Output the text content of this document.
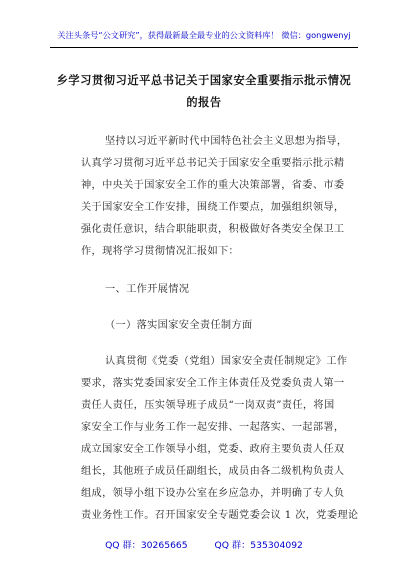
关注头条号“公文研究”，获得最新最全最专业的公文资料库！ 微信：gongwenyj
乡学习贯彻习近平总书记关于国家安全重要指示批示情况
的报告
坚持以习近平新时代中国特色社会主义思想为指导，
认真学习贯彻习近平总书记关于国家安全重要指示批示精
神，中央关于国家安全工作的重大决策部署，省委、市委
关于国家安全工作安排，围绕工作要点，加强组织领导，
强化责任意识，结合职能职责，积极做好各类安全保卫工
作，现将学习贯彻情况汇报如下：
一、工作开展情况
（一）落实国家安全责任制方面
认真贯彻《党委（党组）国家安全责任制规定》工作
要求，落实党委国家安全工作主体责任及党委负责人第一
责任人责任，压实领导班子成员“一岗双责”责任，将国
家安全工作与业务工作一起安排、一起落实、一起部署，
成立国家安全工作领导小组，党委、政府主要负责人任双
组长，其他班子成员任副组长，成员由各二级机构负责人
组成，领导小组下设办公室在乡应急办，并明确了专人负
责业务性工作。召开国家安全专题党委会议 1 次，党委理论
QQ 群：30265665	QQ 群：535304092
